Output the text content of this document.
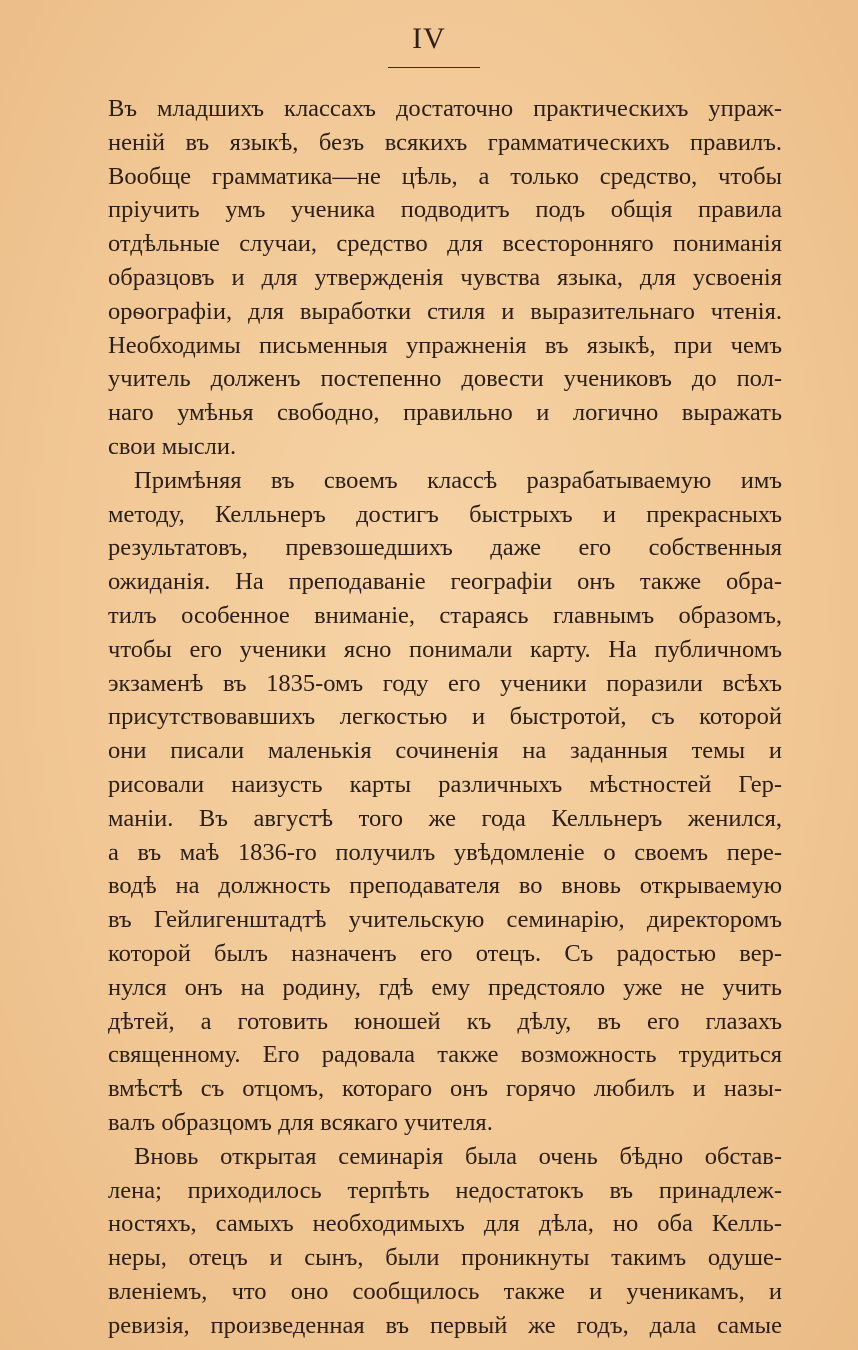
IV
Въ младшихъ классахъ достаточно практическихъ упраж-
неній въ языкѣ, безъ всякихъ грамматическихъ правилъ.
Вообще грамматика—не цѣль, а только средство, чтобы
пріучить умъ ученика подводитъ подъ общія правила
отдѣльные случаи, средство для всесторонняго пониманія
образцовъ и для утвержденія чувства языка, для усвоенія
орѳографіи, для выработки стиля и выразительнаго чтенія.
Необходимы письменныя упражненія въ языкѣ, при чемъ
учитель долженъ постепенно довести учениковъ до пол-
наго умѣнья свободно, правильно и логично выражать
свои мысли.
Примѣняя въ своемъ классѣ разрабатываемую имъ
методу, Келльнеръ достигъ быстрыхъ и прекрасныхъ
результатовъ, превзошедшихъ даже его собственныя
ожиданія. На преподаваніе географіи онъ также обра-
тилъ особенное вниманіе, стараясь главнымъ образомъ,
чтобы его ученики ясно понимали карту. На публичномъ
экзаменѣ въ 1835-омъ году его ученики поразили всѣхъ
присутствовавшихъ легкостью и быстротой, съ которой
они писали маленькія сочиненія на заданныя темы и
рисовали наизусть карты различныхъ мѣстностей Гер-
маніи. Въ августѣ того же года Келльнеръ женился,
а въ маѣ 1836-го получилъ увѣдомленіе о своемъ пере-
водѣ на должность преподавателя во вновь открываемую
въ Гейлигенштадтѣ учительскую семинарію, директоромъ
которой былъ назначенъ его отецъ. Съ радостью вер-
нулся онъ на родину, гдѣ ему предстояло уже не учить
дѣтей, а готовить юношей къ дѣлу, въ его глазахъ
священному. Его радовала также возможность трудиться
вмѣстѣ съ отцомъ, котораго онъ горячо любилъ и назы-
валъ образцомъ для всякаго учителя.
Вновь открытая семинарія была очень бѣдно обстав-
лена; приходилось терпѣть недостатокъ въ принадлеж-
ностяхъ, самыхъ необходимыхъ для дѣла, но оба Келль-
неры, отецъ и сынъ, были проникнуты такимъ одуше-
вленіемъ, что оно сообщилось также и ученикамъ, и
ревизія, произведенная въ первый же годъ, дала самые
